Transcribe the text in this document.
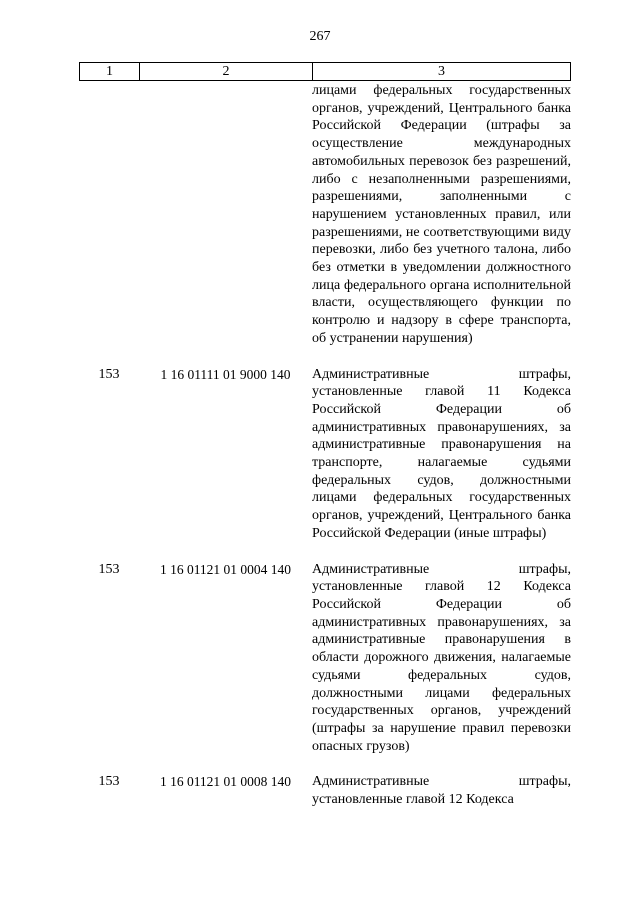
267
1	2	3
лицами федеральных государственных органов, учреждений, Центрального банка Российской Федерации (штрафы за осуществление международных автомобильных перевозок без разрешений, либо с незаполненными разрешениями, разрешениями, заполненными с нарушением установленных правил, или разрешениями, не соответствующими виду перевозки, либо без учетного талона, либо без отметки в уведомлении должностного лица федерального органа исполнительной власти, осуществляющего функции по контролю и надзору в сфере транспорта, об устранении нарушения)
153	1 16 01111 01 9000 140	Административные штрафы, установленные главой 11 Кодекса Российской Федерации об административных правонарушениях, за административные правонарушения на транспорте, налагаемые судьями федеральных судов, должностными лицами федеральных государственных органов, учреждений, Центрального банка Российской Федерации (иные штрафы)
153	1 16 01121 01 0004 140	Административные штрафы, установленные главой 12 Кодекса Российской Федерации об административных правонарушениях, за административные правонарушения в области дорожного движения, налагаемые судьями федеральных судов, должностными лицами федеральных государственных органов, учреждений (штрафы за нарушение правил перевозки опасных грузов)
153	1 16 01121 01 0008 140	Административные штрафы, установленные главой 12 Кодекса
